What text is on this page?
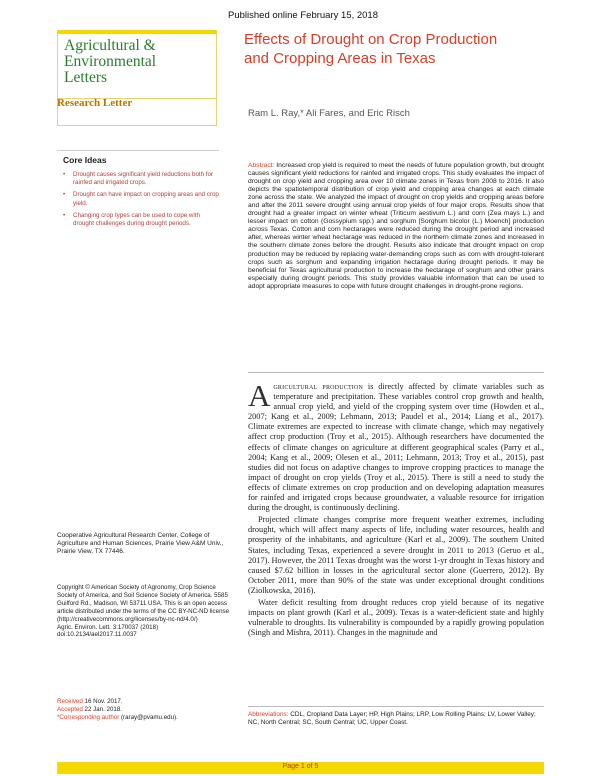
Published online February 15, 2018
Agricultural &
Environmental
Letters
Research Letter
Effects of Drought on Crop Production
and Cropping Areas in Texas
Ram L. Ray,* Ali Fares, and Eric Risch
Core Ideas
• Drought causes significant yield reductions both for rainfed and irrigated crops.
• Drought can have impact on cropping areas and crop yield.
• Changing crop types can be used to cope with drought challenges during drought periods.
Abstract: Increased crop yield is required to meet the needs of future population growth, but drought causes significant yield reductions for rainfed and irrigated crops. This study evaluates the impact of drought on crop yield and cropping area over 10 climate zones in Texas from 2008 to 2016. It also depicts the spatiotemporal distribution of crop yield and cropping area changes at each climate zone across the state. We analyzed the impact of drought on crop yields and cropping areas before and after the 2011 severe drought using annual crop yields of four major crops. Results show that drought had a greater impact on winter wheat (Triticum aestivum L.) and corn (Zea mays L.) and lesser impact on cotton (Gossypium spp.) and sorghum [Sorghum bicolor (L.) Moench] production across Texas. Cotton and corn hectarages were reduced during the drought period and increased after, whereas winter wheat hectarage was reduced in the northern climate zones and increased in the southern climate zones before the drought. Results also indicate that drought impact on crop production may be reduced by replacing water-demanding crops such as corn with drought-tolerant crops such as sorghum and expanding irrigation hectarage during drought periods. It may be beneficial for Texas agricultural production to increase the hectarage of sorghum and other grains especially during drought periods. This study provides valuable information that can be used to adopt appropriate measures to cope with future drought challenges in drought-prone regions.

Agricultural production is directly affected by climate variables such as temperature and precipitation. These variables control crop growth and health, annual crop yield, and yield of the cropping system over time (Howden et al., 2007; Kang et al., 2009; Lehmann, 2013; Paudel et al., 2014; Liang et al., 2017). Climate extremes are expected to increase with climate change, which may negatively affect crop production (Troy et al., 2015). Although researchers have documented the effects of climate changes on agriculture at different geographical scales (Parry et al., 2004; Kang et al., 2009; Olesen et al., 2011; Lehmann, 2013; Troy et al., 2015), past studies did not focus on adaptive changes to improve cropping practices to manage the impact of drought on crop yields (Troy et al., 2015). There is still a need to study the effects of climate extremes on crop production and on developing adaptation measures for rainfed and irrigated crops because groundwater, a valuable resource for irrigation during the drought, is continuously declining.

Projected climate changes comprise more frequent weather extremes, including drought, which will affect many aspects of life, including water resources, health and prosperity of the inhabitants, and agriculture (Karl et al., 2009). The southern United States, including Texas, experienced a severe drought in 2011 to 2013 (Geruo et al., 2017). However, the 2011 Texas drought was the worst 1-yr drought in Texas history and caused $7.62 billion in losses in the agricultural sector alone (Guerrero, 2012). By October 2011, more than 90% of the state was under exceptional drought conditions (Ziolkowska, 2016).

Water deficit resulting from drought reduces crop yield because of its negative impacts on plant growth (Karl et al., 2009). Texas is a water-deficient state and highly vulnerable to droughts. Its vulnerability is compounded by a rapidly growing population (Singh and Mishra, 2011). Changes in the magnitude and

Cooperative Agricultural Research Center, College of Agriculture and Human Sciences, Prairie View A&M Univ., Prairie View, TX 77446.
Copyright © American Society of Agronomy, Crop Science Society of America, and Soil Science Society of America. 5585 Guilford Rd., Madison, WI 53711 USA. This is an open access article distributed under the terms of the CC BY-NC-ND license (http://creativecommons.org/licenses/by-nc-nd/4.0/)
Agric. Environ. Lett. 3:170037 (2018)
doi:10.2134/ael2017.11.0037
Received 16 Nov. 2017.
Accepted 22 Jan. 2018.
*Corresponding author (raray@pvamu.edu).	Abbreviations: CDL, Cropland Data Layer; HP, High Plains; LRP, Low Rolling Plains; LV, Lower Valley; NC, North Central; SC, South Central; UC, Upper Coast.
Page 1 of 5
